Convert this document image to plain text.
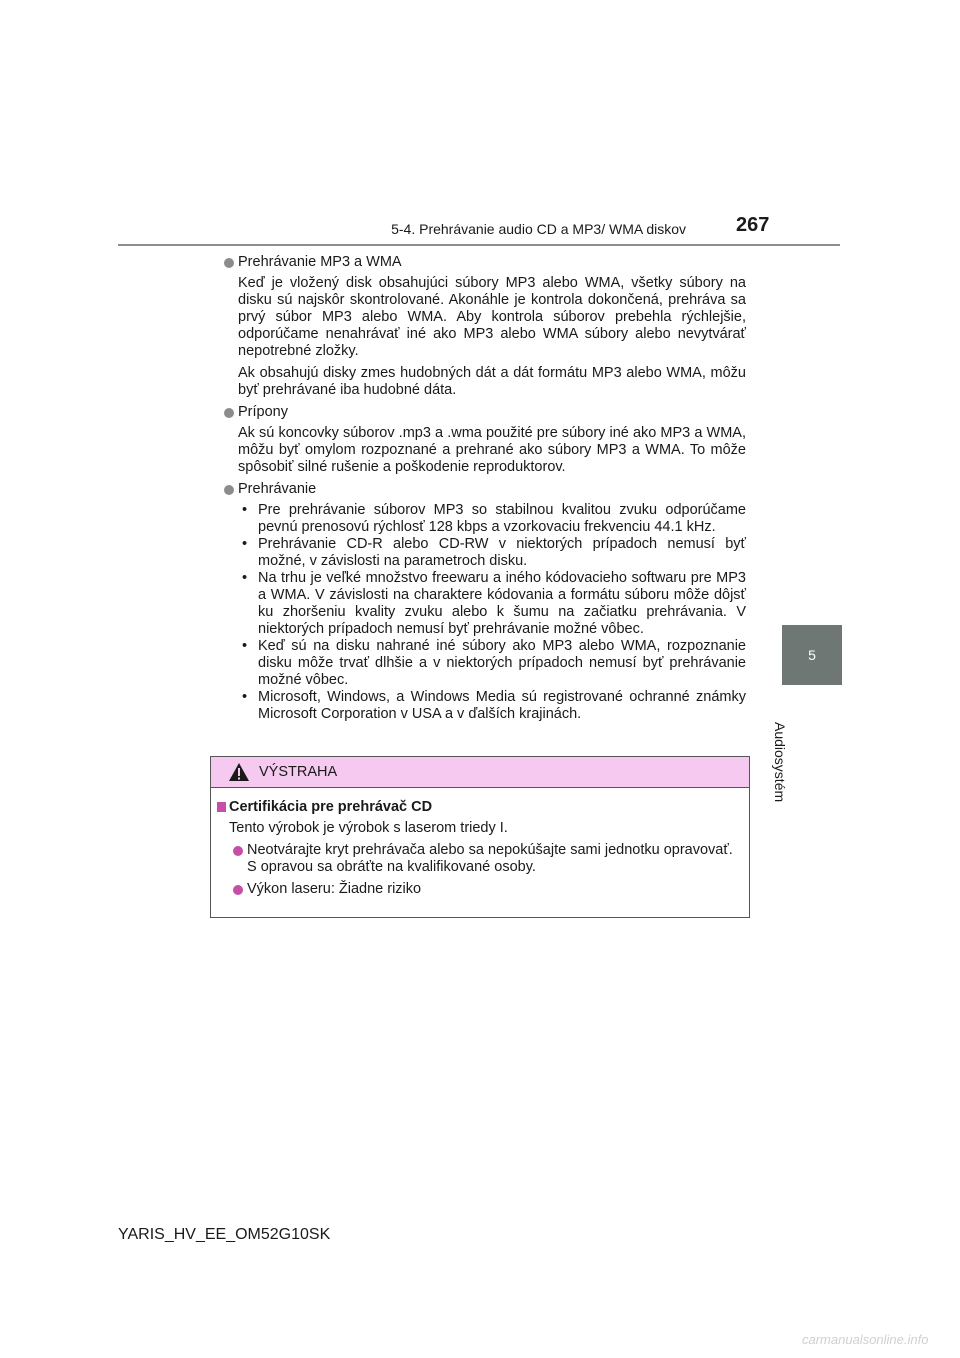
5-4. Prehrávanie audio CD a MP3/ WMA diskov	267
5
Audiosystém
Prehrávanie MP3 a WMA
Keď je vložený disk obsahujúci súbory MP3 alebo WMA, všetky súbory na disku sú najskôr skontrolované. Akonáhle je kontrola dokončená, prehráva sa prvý súbor MP3 alebo WMA. Aby kontrola súborov prebehla rýchlejšie, odporúčame nenahrávať iné ako MP3 alebo WMA súbory alebo nevytvárať nepotrebné zložky.
Ak obsahujú disky zmes hudobných dát a dát formátu MP3 alebo WMA, môžu byť prehrávané iba hudobné dáta.
Prípony
Ak sú koncovky súborov .mp3 a .wma použité pre súbory iné ako MP3 a WMA, môžu byť omylom rozpoznané a prehrané ako súbory MP3 a WMA. To môže spôsobiť silné rušenie a poškodenie reproduktorov.
Prehrávanie
• Pre prehrávanie súborov MP3 so stabilnou kvalitou zvuku odporúčame pevnú prenosovú rýchlosť 128 kbps a vzorkovaciu frekvenciu 44.1 kHz.
• Prehrávanie CD-R alebo CD-RW v niektorých prípadoch nemusí byť možné, v závislosti na parametroch disku.
• Na trhu je veľké množstvo freewaru a iného kódovacieho softwaru pre MP3 a WMA. V závislosti na charaktere kódovania a formátu súboru môže dôjsť ku zhoršeniu kvality zvuku alebo k šumu na začiatku prehrávania. V niektorých prípadoch nemusí byť prehrávanie možné vôbec.
• Keď sú na disku nahrané iné súbory ako MP3 alebo WMA, rozpoznanie disku môže trvať dlhšie a v niektorých prípadoch nemusí byť prehrávanie možné vôbec.
• Microsoft, Windows, a Windows Media sú registrované ochranné známky Microsoft Corporation v USA a v ďalších krajinách.
VÝSTRAHA
Certifikácia pre prehrávač CD
Tento výrobok je výrobok s laserom triedy I.
Neotvárajte kryt prehrávača alebo sa nepokúšajte sami jednotku opravovať. S opravou sa obráťte na kvalifikované osoby.
Výkon laseru: Žiadne riziko
YARIS_HV_EE_OM52G10SK
carmanualsonline.info
